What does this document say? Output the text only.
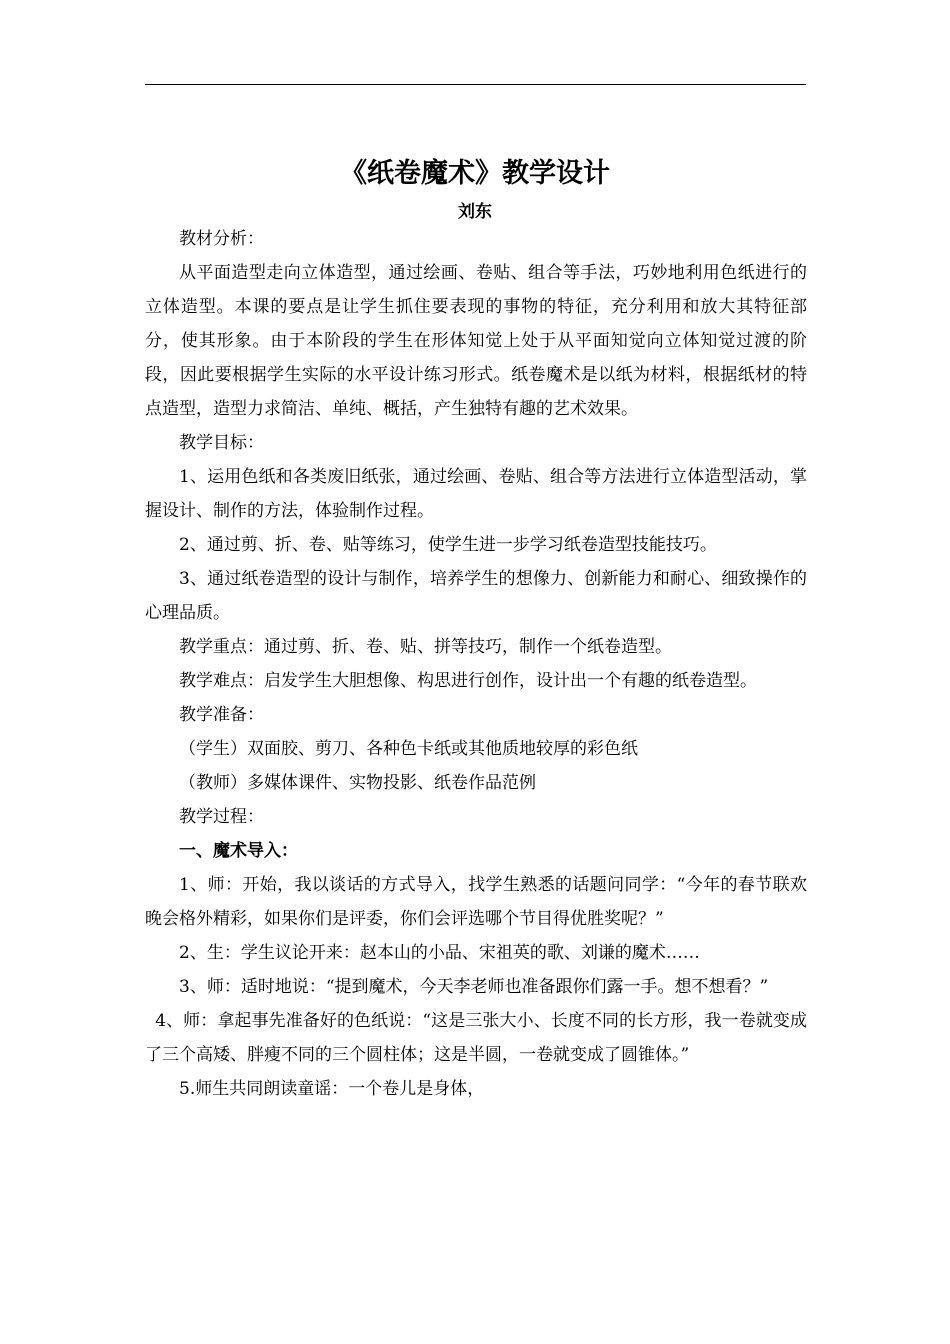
《纸卷魔术》教学设计
刘东

教材分析：

从平面造型走向立体造型，通过绘画、卷贴、组合等手法，巧妙地利用色纸进行的立体造型。本课的要点是让学生抓住要表现的事物的特征，充分利用和放大其特征部分，使其形象。由于本阶段的学生在形体知觉上处于从平面知觉向立体知觉过渡的阶段，因此要根据学生实际的水平设计练习形式。纸卷魔术是以纸为材料，根据纸材的特点造型，造型力求简洁、单纯、概括，产生独特有趣的艺术效果。

教学目标：

1、运用色纸和各类废旧纸张，通过绘画、卷贴、组合等方法进行立体造型活动，掌握设计、制作的方法，体验制作过程。

2、通过剪、折、卷、贴等练习，使学生进一步学习纸卷造型技能技巧。

3、通过纸卷造型的设计与制作，培养学生的想像力、创新能力和耐心、细致操作的心理品质。

教学重点：通过剪、折、卷、贴、拼等技巧，制作一个纸卷造型。

教学难点：启发学生大胆想像、构思进行创作，设计出一个有趣的纸卷造型。

教学准备：

（学生）双面胶、剪刀、各种色卡纸或其他质地较厚的彩色纸

（教师）多媒体课件、实物投影、纸卷作品范例

教学过程：

一、魔术导入：

1、师：开始，我以谈话的方式导入，找学生熟悉的话题问同学：“今年的春节联欢晚会格外精彩，如果你们是评委，你们会评选哪个节目得优胜奖呢？”

2、生：学生议论开来：赵本山的小品、宋祖英的歌、刘谦的魔术……

3、师：适时地说：“提到魔术，今天李老师也准备跟你们露一手。想不想看？”

4、师：拿起事先准备好的色纸说：“这是三张大小、长度不同的长方形，我一卷就变成了三个高矮、胖瘦不同的三个圆柱体；这是半圆，一卷就变成了圆锥体。”

5.师生共同朗读童谣：一个卷儿是身体，
